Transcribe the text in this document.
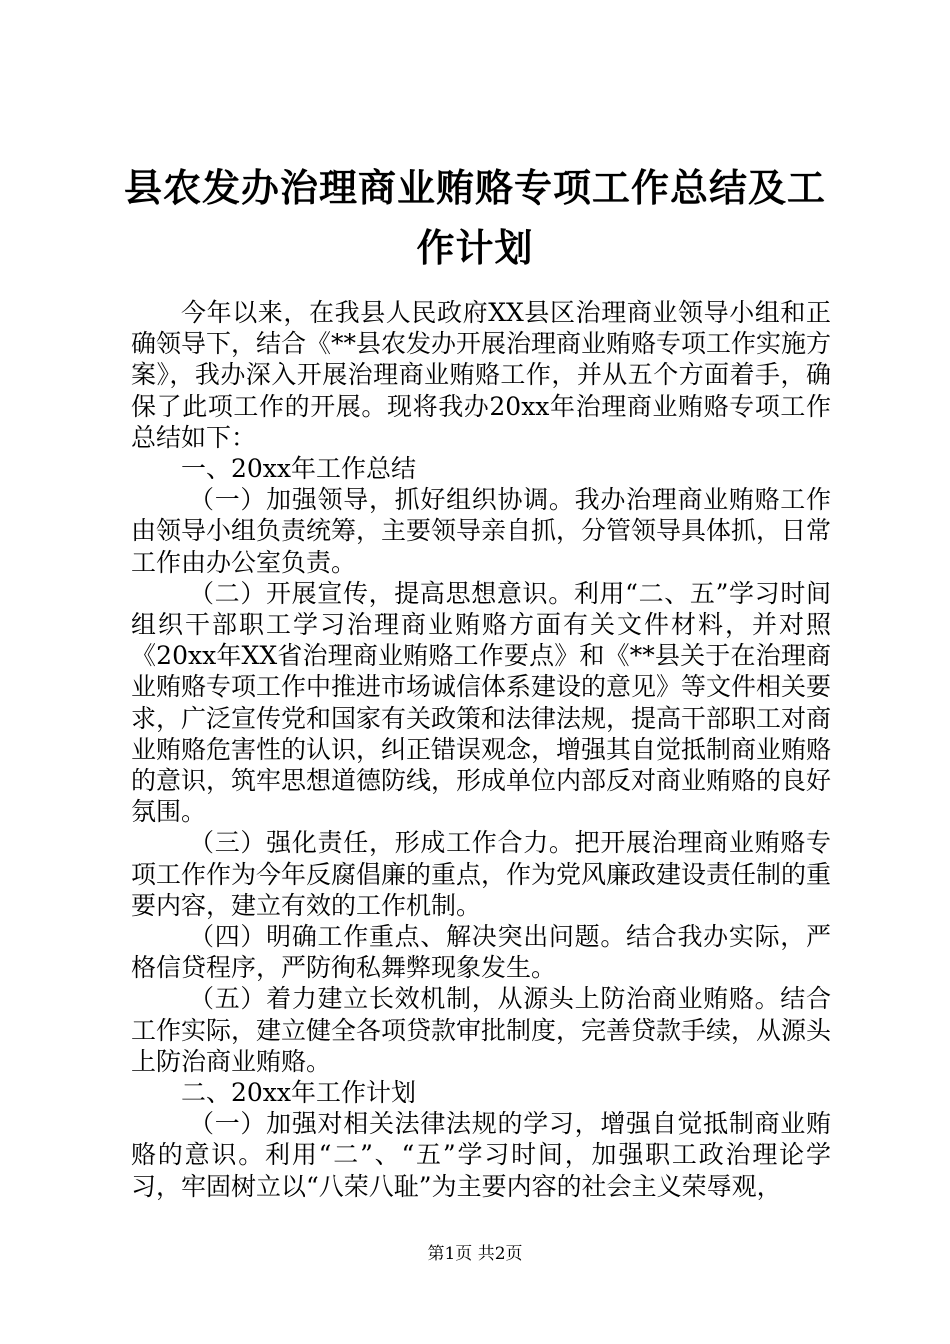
县农发办治理商业贿赂专项工作总结及工作计划

今年以来，在我县人民政府XX县区治理商业领导小组和正确领导下，结合《**县农发办开展治理商业贿赂专项工作实施方案》，我办深入开展治理商业贿赂工作，并从五个方面着手，确保了此项工作的开展。现将我办20xx年治理商业贿赂专项工作总结如下：

一、20xx年工作总结

（一）加强领导，抓好组织协调。我办治理商业贿赂工作由领导小组负责统筹，主要领导亲自抓，分管领导具体抓，日常工作由办公室负责。

（二）开展宣传，提高思想意识。利用“二、五”学习时间组织干部职工学习治理商业贿赂方面有关文件材料，并对照《20xx年XX省治理商业贿赂工作要点》和《**县关于在治理商业贿赂专项工作中推进市场诚信体系建设的意见》等文件相关要求，广泛宣传党和国家有关政策和法律法规，提高干部职工对商业贿赂危害性的认识，纠正错误观念，增强其自觉抵制商业贿赂的意识，筑牢思想道德防线，形成单位内部反对商业贿赂的良好氛围。

（三）强化责任，形成工作合力。把开展治理商业贿赂专项工作作为今年反腐倡廉的重点，作为党风廉政建设责任制的重要内容，建立有效的工作机制。

（四）明确工作重点、解决突出问题。结合我办实际，严格信贷程序，严防徇私舞弊现象发生。

（五）着力建立长效机制，从源头上防治商业贿赂。结合工作实际，建立健全各项贷款审批制度，完善贷款手续，从源头上防治商业贿赂。

二、20xx年工作计划

（一）加强对相关法律法规的学习，增强自觉抵制商业贿赂的意识。利用“二”、“五”学习时间，加强职工政治理论学习，牢固树立以“八荣八耻”为主要内容的社会主义荣辱观，

第1页 共2页
